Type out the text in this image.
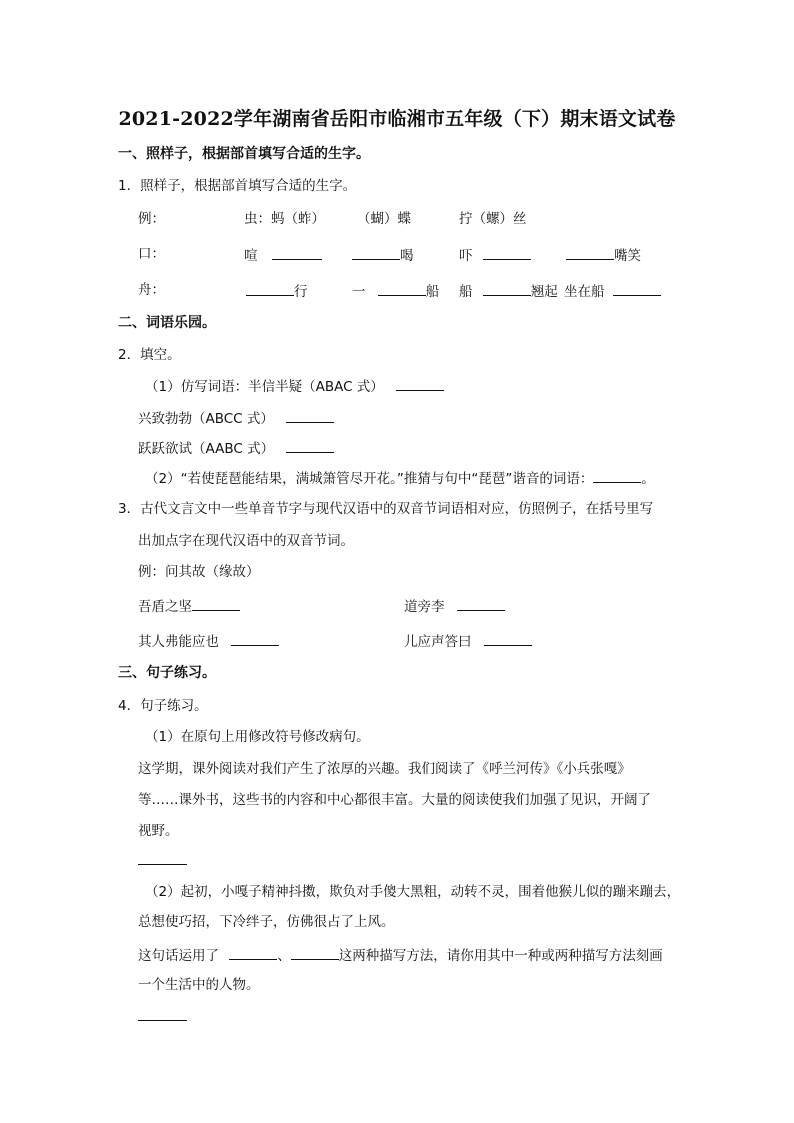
2021-2022学年湖南省岳阳市临湘市五年级（下）期末语文试卷
一、照样子，根据部首填写合适的生字。
1．照样子，根据部首填写合适的生字。
例：	虫：蚂（蚱） （蝴）蝶	拧（螺）丝
口：	喧	喝	吓	嘴笑
舟：	行	一	船 船	翘起 坐在船
二、词语乐园。
2．填空。
（1）仿写词语：半信半疑（ABAC 式）
兴致勃勃（ABCC 式）
跃跃欲试（AABC 式）
（2）“若使琵琶能结果，满城箫管尽开花。”推猜与句中“琵琶”谐音的词语：	。
3．古代文言文中一些单音节字与现代汉语中的双音节词语相对应，仿照例子，在括号里写
出加点字在现代汉语中的双音节词。
例：问其故（缘故）
吾盾之坚	道旁李
其人弗能应也	儿应声答曰
三、句子练习。
4．句子练习。
（1）在原句上用修改符号修改病句。
这学期，课外阅读对我们产生了浓厚的兴趣。我们阅读了《呼兰河传》《小兵张嘎》
等……课外书，这些书的内容和中心都很丰富。大量的阅读使我们加强了见识，开阔了
视野。
（2）起初，小嘎子精神抖擞，欺负对手傻大黑粗，动转不灵，围着他猴儿似的蹦来蹦去，
总想使巧招，下冷绊子，仿佛很占了上风。
这句话运用了	、	这两种描写方法，请你用其中一种或两种描写方法刻画
一个生活中的人物。
